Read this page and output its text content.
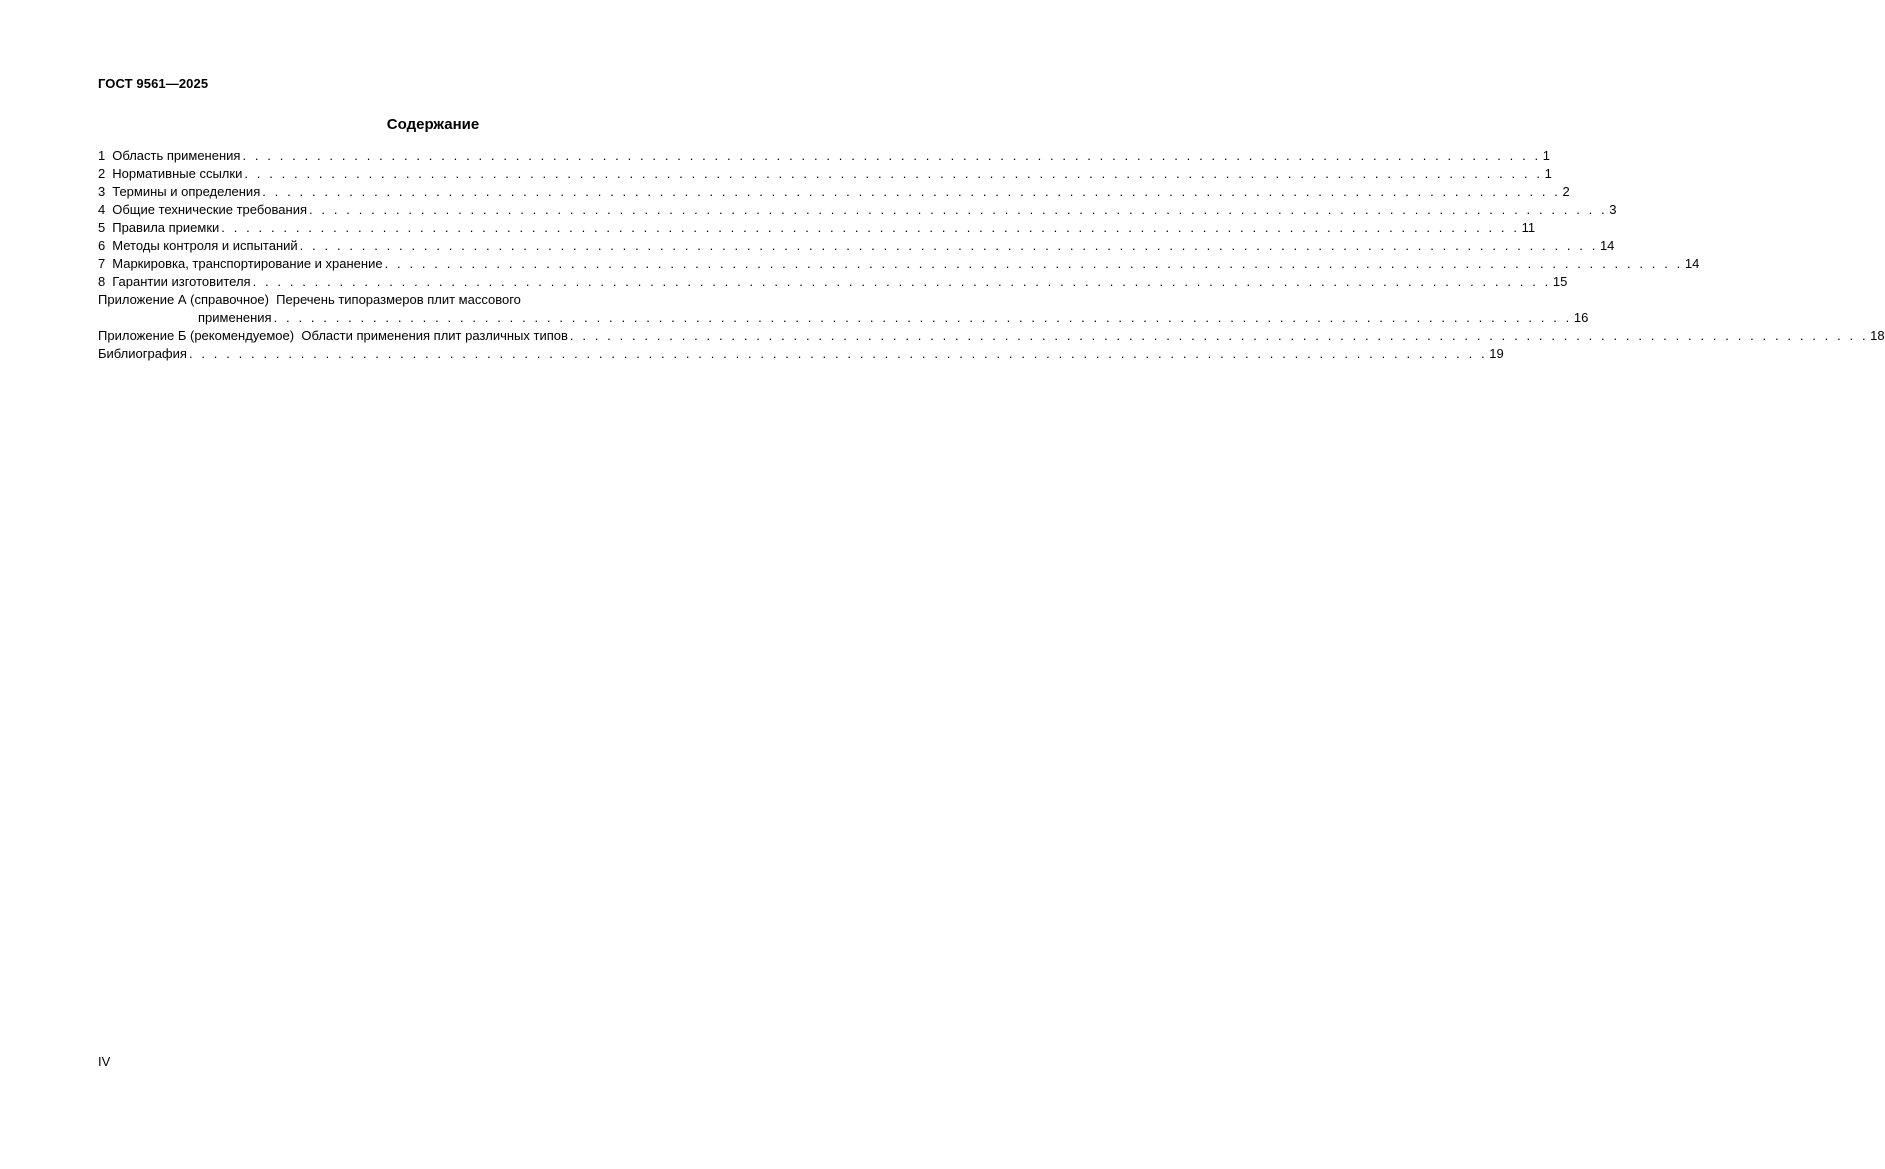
ГОСТ 9561—2025
Содержание
1 Область применения . . . . . . . . . . . . . . . . . . . . . . . . . . . . . . . . . . . . . . . . . . . . . . . . . . . . . . . . . . . . . . . . . . . . . . . . . . . . . . . . . . . . . . . . . . . . . . . . . . . . . . . . . 1
2 Нормативные ссылки . . . . . . . . . . . . . . . . . . . . . . . . . . . . . . . . . . . . . . . . . . . . . . . . . . . . . . . . . . . . . . . . . . . . . . . . . . . . . . . . . . . . . . . . . . . . . . . . . . . . . . . . . 1
3 Термины и определения . . . . . . . . . . . . . . . . . . . . . . . . . . . . . . . . . . . . . . . . . . . . . . . . . . . . . . . . . . . . . . . . . . . . . . . . . . . . . . . . . . . . . . . . . . . . . . . . . . . . . . . . . 2
4 Общие технические требования . . . . . . . . . . . . . . . . . . . . . . . . . . . . . . . . . . . . . . . . . . . . . . . . . . . . . . . . . . . . . . . . . . . . . . . . . . . . . . . . . . . . . . . . . . . . . . . . . . . . . . . . . 3
5 Правила приемки . . . . . . . . . . . . . . . . . . . . . . . . . . . . . . . . . . . . . . . . . . . . . . . . . . . . . . . . . . . . . . . . . . . . . . . . . . . . . . . . . . . . . . . . . . . . . . . . . . . . . . . . . 11
6 Методы контроля и испытаний . . . . . . . . . . . . . . . . . . . . . . . . . . . . . . . . . . . . . . . . . . . . . . . . . . . . . . . . . . . . . . . . . . . . . . . . . . . . . . . . . . . . . . . . . . . . . . . . . . . . . . . . . 14
7 Маркировка, транспортирование и хранение . . . . . . . . . . . . . . . . . . . . . . . . . . . . . . . . . . . . . . . . . . . . . . . . . . . . . . . . . . . . . . . . . . . . . . . . . . . . . . . . . . . . . . . . . . . . . . . . . . . . . . . . . 14
8 Гарантии изготовителя . . . . . . . . . . . . . . . . . . . . . . . . . . . . . . . . . . . . . . . . . . . . . . . . . . . . . . . . . . . . . . . . . . . . . . . . . . . . . . . . . . . . . . . . . . . . . . . . . . . . . . . . . 15
Приложение А (справочное) Перечень типоразмеров плит массового
применения . . . . . . . . . . . . . . . . . . . . . . . . . . . . . . . . . . . . . . . . . . . . . . . . . . . . . . . . . . . . . . . . . . . . . . . . . . . . . . . . . . . . . . . . . . . . . . . . . . . . . . . . . 16
Приложение Б (рекомендуемое) Области применения плит различных типов . . . . . . . . . . . . . . . . . . . . . . . . . . . . . . . . . . . . . . . . . . . . . . . . . . . . . . . . . . . . . . . . . . . . . . . . . . . . . . . . . . . . . . . . . . . . . . . . . . . . . . . . . 18
Библиография . . . . . . . . . . . . . . . . . . . . . . . . . . . . . . . . . . . . . . . . . . . . . . . . . . . . . . . . . . . . . . . . . . . . . . . . . . . . . . . . . . . . . . . . . . . . . . . . . . . . . . . . . 19
IV
